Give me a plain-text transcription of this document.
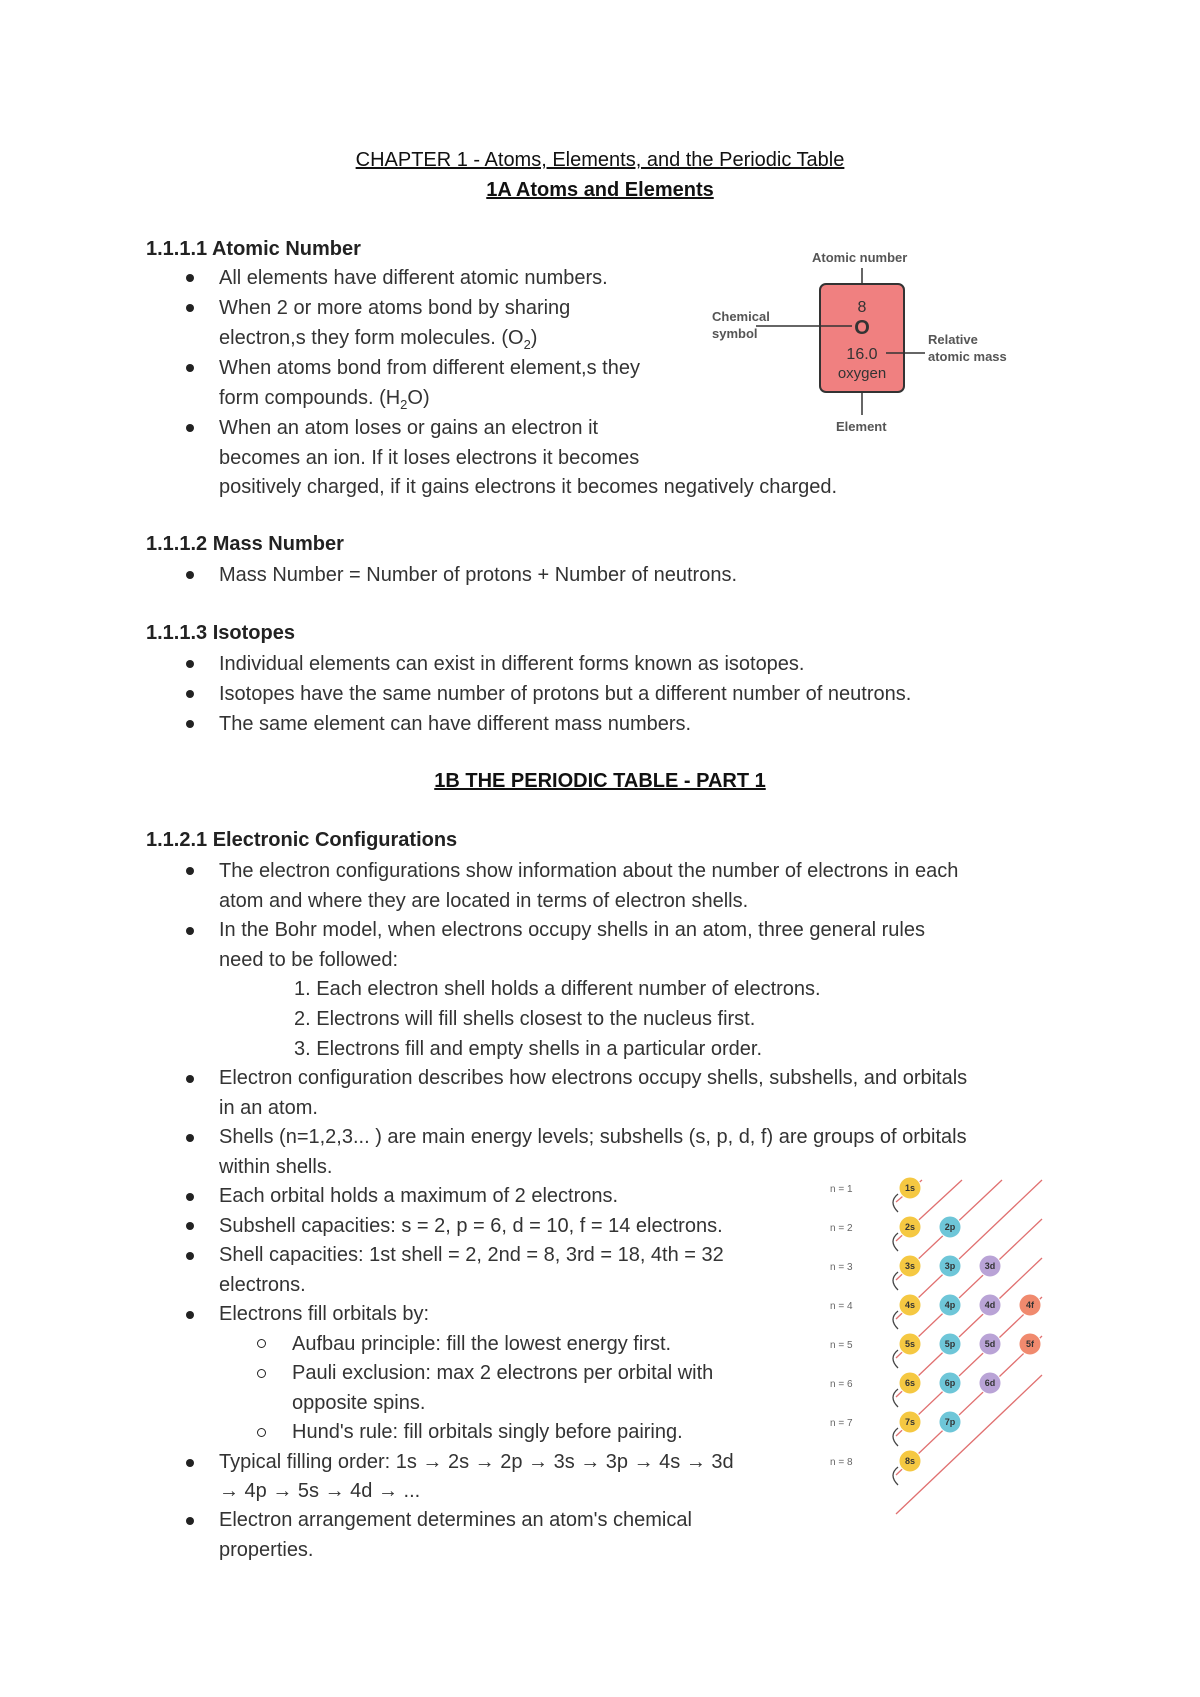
CHAPTER 1 - Atoms, Elements, and the Periodic Table
1A Atoms and Elements
1.1.1.1 Atomic Number
All elements have different atomic numbers.
When 2 or more atoms bond by sharing
electron,s they form molecules. $(O_2)$
When atoms bond from different element,s they
form compounds. $(H_2O)$
When an atom loses or gains an electron it
becomes an ion. If it loses electrons it becomes
positively charged, if it gains electrons it becomes negatively charged.
Atomic number
Chemical
symbol	Relative
atomic mass
Element
8
O
16.0
oxygen
1.1.1.2 Mass Number
Mass Number = Number of protons + Number of neutrons.
1.1.1.3 Isotopes
Individual elements can exist in different forms known as isotopes.
Isotopes have the same number of protons but a different number of neutrons.
The same element can have different mass numbers.
1B THE PERIODIC TABLE - PART 1
1.1.2.1 Electronic Configurations
The electron configurations show information about the number of electrons in each
atom and where they are located in terms of electron shells.
In the Bohr model, when electrons occupy shells in an atom, three general rules
need to be followed:
1. Each electron shell holds a different number of electrons.
2. Electrons will fill shells closest to the nucleus first.
3. Electrons fill and empty shells in a particular order.
Electron configuration describes how electrons occupy shells, subshells, and orbitals
in an atom.
Shells (n=1,2,3... ) are main energy levels; subshells (s, p, d, f) are groups of orbitals
within shells.
Each orbital holds a maximum of 2 electrons.
Subshell capacities: s = 2, p = 6, d = 10, f = 14 electrons.
Shell capacities: 1st shell = 2, 2nd = 8, 3rd = 18, 4th = 32
electrons.
Electrons fill orbitals by:
Aufbau principle: fill the lowest energy first.
Pauli exclusion: max 2 electrons per orbital with
opposite spins.
Hund's rule: fill orbitals singly before pairing.
Typical filling order: 1s → 2s → 2p → 3s → 3p → 4s → 3d
→ 4p → 5s → 4d → ...
Electron arrangement determines an atom's chemical
properties.
n = 1	1s
n = 2	2s	2p
n = 3	3s	3p	3d
n = 4	4s	4p	4d	4f
n = 5	5s	5p	5d	5f
n = 6	6s	6p	6d
n = 7	7s	7p
n = 8	8s
